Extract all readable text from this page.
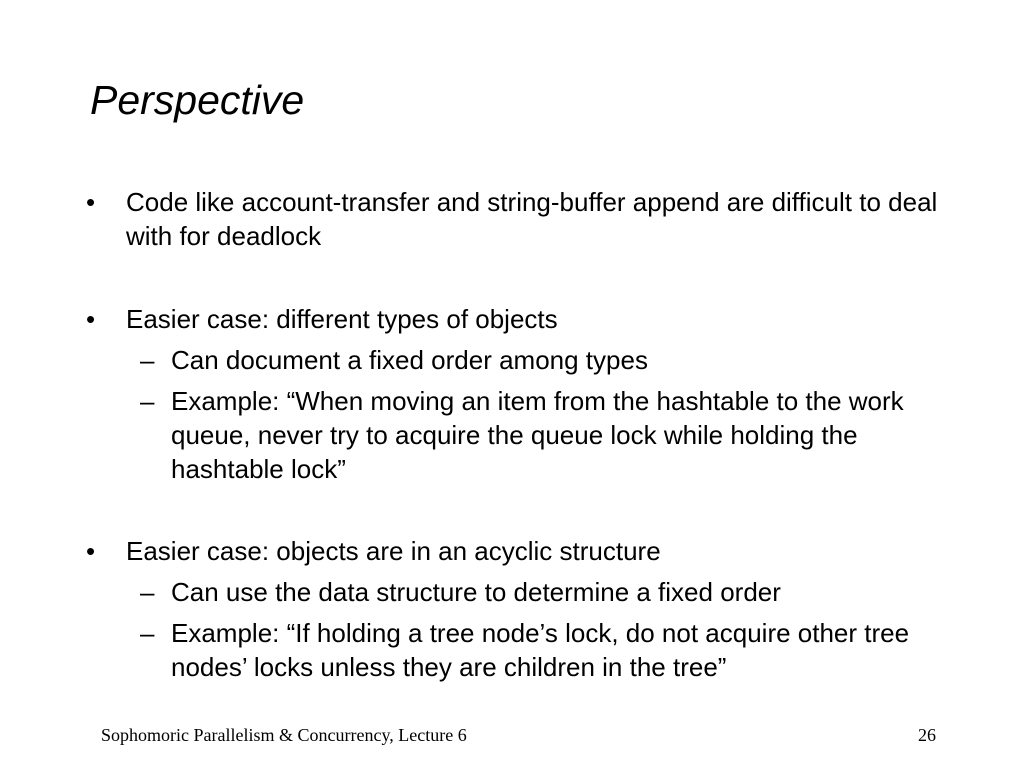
Perspective
•	Code like account-transfer and string-buffer append are difficult to deal with for deadlock
•	Easier case: different types of objects
– Can document a fixed order among types
– Example: “When moving an item from the hashtable to the work queue, never try to acquire the queue lock while holding the hashtable lock”
•	Easier case: objects are in an acyclic structure
– Can use the data structure to determine a fixed order
– Example: “If holding a tree node’s lock, do not acquire other tree nodes’ locks unless they are children in the tree”
Sophomoric Parallelism & Concurrency, Lecture 6	26
